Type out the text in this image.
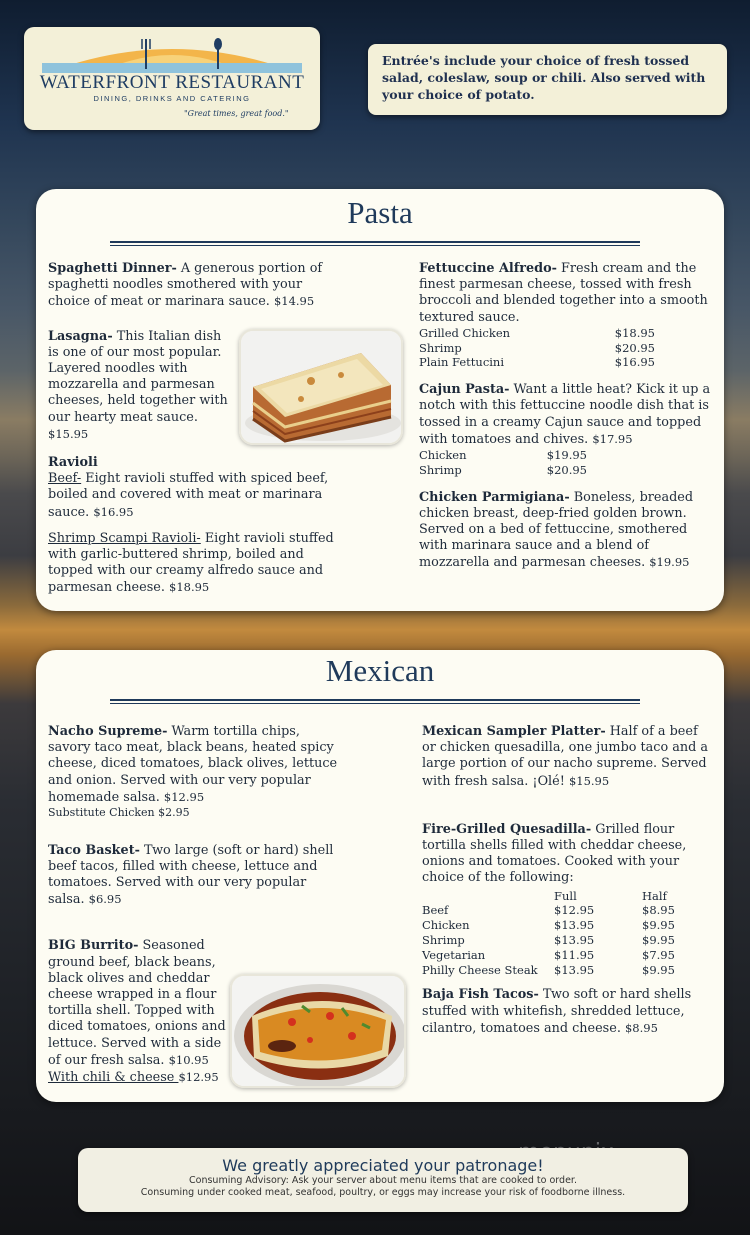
WATERFRONT RESTAURANT
DINING, DRINKS AND CATERING
"Great times, great food."
Entrée's include your choice of fresh tossed salad, coleslaw, soup or chili. Also served with your choice of potato.
Pasta
Spaghetti Dinner- A generous portion of spaghetti noodles smothered with your choice of meat or marinara sauce. $14.95
Lasagna- This Italian dish is one of our most popular. Layered noodles with mozzarella and parmesan cheeses, held together with our hearty meat sauce. $15.95
Ravioli
Beef- Eight ravioli stuffed with spiced beef, boiled and covered with meat or marinara sauce. $16.95
Shrimp Scampi Ravioli- Eight ravioli stuffed with garlic-buttered shrimp, boiled and topped with our creamy alfredo sauce and parmesan cheese. $18.95
Fettuccine Alfredo- Fresh cream and the finest parmesan cheese, tossed with fresh broccoli and blended together into a smooth textured sauce.
Grilled Chicken	$18.95
Shrimp	$20.95
Plain Fettucini	$16.95
Cajun Pasta- Want a little heat? Kick it up a notch with this fettuccine noodle dish that is tossed in a creamy Cajun sauce and topped with tomatoes and chives. $17.95
Chicken	$19.95
Shrimp	$20.95
Chicken Parmigiana- Boneless, breaded chicken breast, deep-fried golden brown. Served on a bed of fettuccine, smothered with marinara sauce and a blend of mozzarella and parmesan cheeses. $19.95
Mexican
Nacho Supreme- Warm tortilla chips, savory taco meat, black beans, heated spicy cheese, diced tomatoes, black olives, lettuce and onion. Served with our very popular homemade salsa. $12.95
Substitute Chicken $2.95
Taco Basket- Two large (soft or hard) shell beef tacos, filled with cheese, lettuce and tomatoes. Served with our very popular salsa. $6.95
BIG Burrito- Seasoned ground beef, black beans, black olives and cheddar cheese wrapped in a flour tortilla shell. Topped with diced tomatoes, onions and lettuce. Served with a side of our fresh salsa. $10.95
With chili & cheese $12.95
Mexican Sampler Platter- Half of a beef or chicken quesadilla, one jumbo taco and a large portion of our nacho supreme. Served with fresh salsa. ¡Olé! $15.95
Fire-Grilled Quesadilla- Grilled flour tortilla shells filled with cheddar cheese, onions and tomatoes. Cooked with your choice of the following:
	Full	Half
Beef	$12.95	$8.95
Chicken	$13.95	$9.95
Shrimp	$13.95	$9.95
Vegetarian	$11.95	$7.95
Philly Cheese Steak	$13.95	$9.95
Baja Fish Tacos- Two soft or hard shells stuffed with whitefish, shredded lettuce, cilantro, tomatoes and cheese. $8.95
We greatly appreciated your patronage!
Consuming Advisory: Ask your server about menu items that are cooked to order.
Consuming under cooked meat, seafood, poultry, or eggs may increase your risk of foodborne illness.
